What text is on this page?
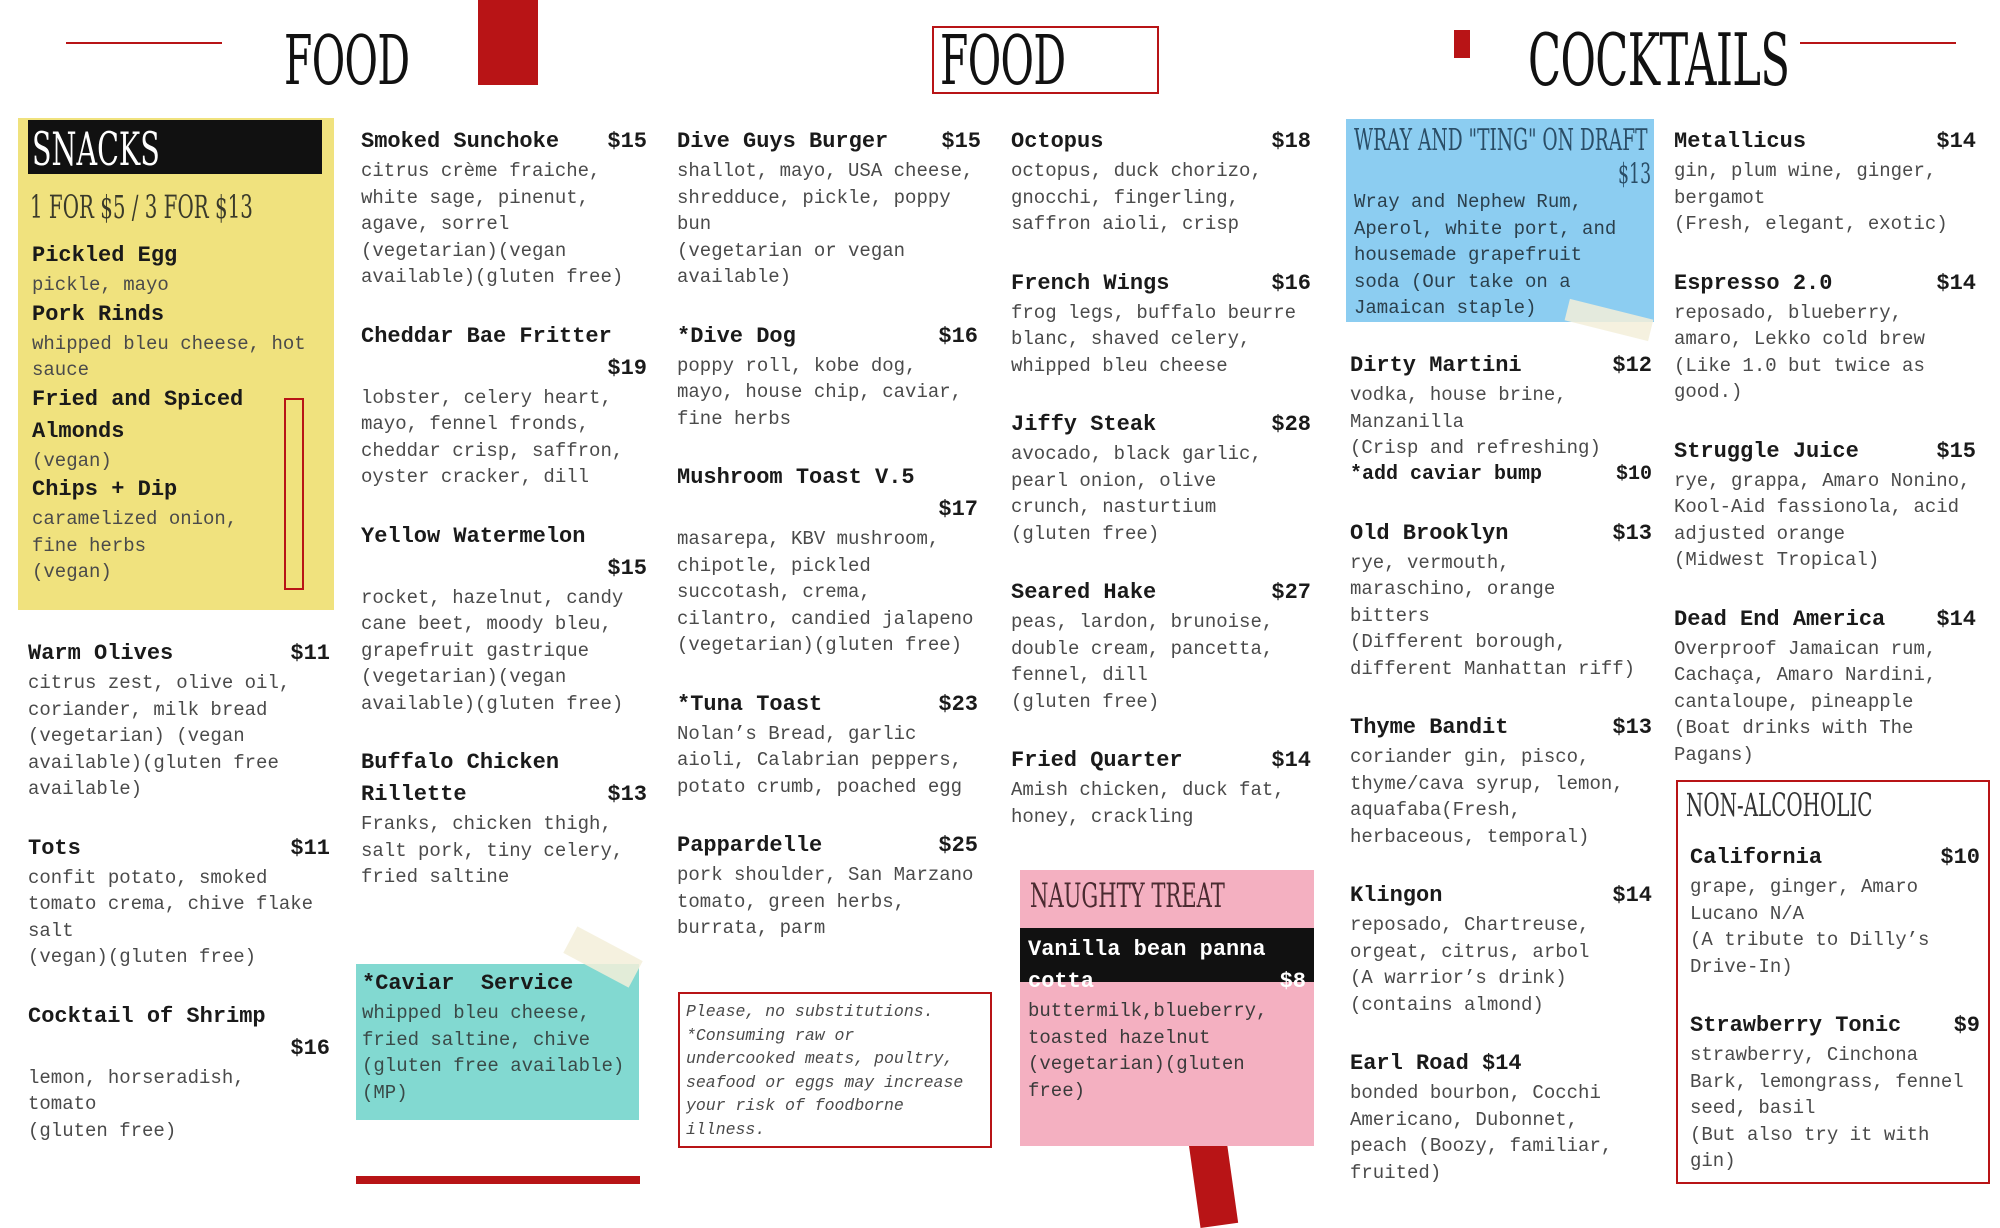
FOOD	FOOD	COCKTAILS
SNACKS
1 FOR $5 / 3 FOR $13
Pickled Egg
pickle, mayo
Pork Rinds
whipped bleu cheese, hot
sauce
Fried and Spiced
Almonds
(vegan)
Chips + Dip
caramelized onion,
fine herbs
(vegan)
Warm Olives	$11
citrus zest, olive oil,
coriander, milk bread
(vegetarian) (vegan
available)(gluten free
available)
Tots	$11
confit potato, smoked
tomato crema, chive flake
salt
(vegan)(gluten free)
Cocktail of Shrimp
$16
lemon, horseradish,
tomato
(gluten free)
Smoked Sunchoke $15
citrus crème fraiche,
white sage, pinenut,
agave, sorrel
(vegetarian)(vegan
available)(gluten free)
Cheddar Bae Fritter
$19
lobster, celery heart,
mayo, fennel fronds,
cheddar crisp, saffron,
oyster cracker, dill
Yellow Watermelon
$15
rocket, hazelnut, candy
cane beet, moody bleu,
grapefruit gastrique
(vegetarian)(vegan
available)(gluten free)
Buffalo Chicken
Rillette	$13
Franks, chicken thigh,
salt pork, tiny celery,
fried saltine
*Caviar  Service
whipped bleu cheese,
fried saltine, chive
(gluten free available)
(MP)
Dive Guys Burger $15
shallot, mayo, USA cheese,
shredduce, pickle, poppy
bun
(vegetarian or vegan
available)
*Dive Dog	$16
poppy roll, kobe dog,
mayo, house chip, caviar,
fine herbs
Mushroom Toast V.5
$17
masarepa, KBV mushroom,
chipotle, pickled
succotash, crema,
cilantro, candied jalapeno
(vegetarian)(gluten free)
*Tuna Toast	$23
Nolan’s Bread, garlic
aioli, Calabrian peppers,
potato crumb, poached egg
Pappardelle	$25
pork shoulder, San Marzano
tomato, green herbs,
burrata, parm
Please, no substitutions.
*Consuming raw or
undercooked meats, poultry,
seafood or eggs may increase
your risk of foodborne
illness.
Octopus	$18
octopus, duck chorizo,
gnocchi, fingerling,
saffron aioli, crisp
French Wings	$16
frog legs, buffalo beurre
blanc, shaved celery,
whipped bleu cheese
Jiffy Steak	$28
avocado, black garlic,
pearl onion, olive
crunch, nasturtium
(gluten free)
Seared Hake	$27
peas, lardon, brunoise,
double cream, pancetta,
fennel, dill
(gluten free)
Fried Quarter	$14
Amish chicken, duck fat,
honey, crackling
NAUGHTY TREAT
Vanilla bean panna
cotta	$8
buttermilk,blueberry,
toasted hazelnut
(vegetarian)(gluten
free)
WRAY AND "TING" ON DRAFT
$13
Wray and Nephew Rum,
Aperol, white port, and
housemade grapefruit
soda (Our take on a
Jamaican staple)
Dirty Martini	$12
vodka, house brine,
Manzanilla
(Crisp and refreshing)
*add caviar bump	$10
Old Brooklyn	$13
rye, vermouth,
maraschino, orange
bitters
(Different borough,
different Manhattan riff)
Thyme Bandit	$13
coriander gin, pisco,
thyme/cava syrup, lemon,
aquafaba(Fresh,
herbaceous, temporal)
Klingon	$14
reposado, Chartreuse,
orgeat, citrus, arbol
(A warrior’s drink)
(contains almond)
Earl Road $14
bonded bourbon, Cocchi
Americano, Dubonnet,
peach (Boozy, familiar,
fruited)
Metallicus	$14
gin, plum wine, ginger,
bergamot
(Fresh, elegant, exotic)
Espresso 2.0	$14
reposado, blueberry,
amaro, Lekko cold brew
(Like 1.0 but twice as
good.)
Struggle Juice	$15
rye, grappa, Amaro Nonino,
Kool-Aid fassionola, acid
adjusted orange
(Midwest Tropical)
Dead End America $14
Overproof Jamaican rum,
Cachaça, Amaro Nardini,
cantaloupe, pineapple
(Boat drinks with The
Pagans)
NON-ALCOHOLIC
California	$10
grape, ginger, Amaro
Lucano N/A
(A tribute to Dilly’s
Drive-In)
Strawberry Tonic $9
strawberry, Cinchona
Bark, lemongrass, fennel
seed, basil
(But also try it with
gin)
